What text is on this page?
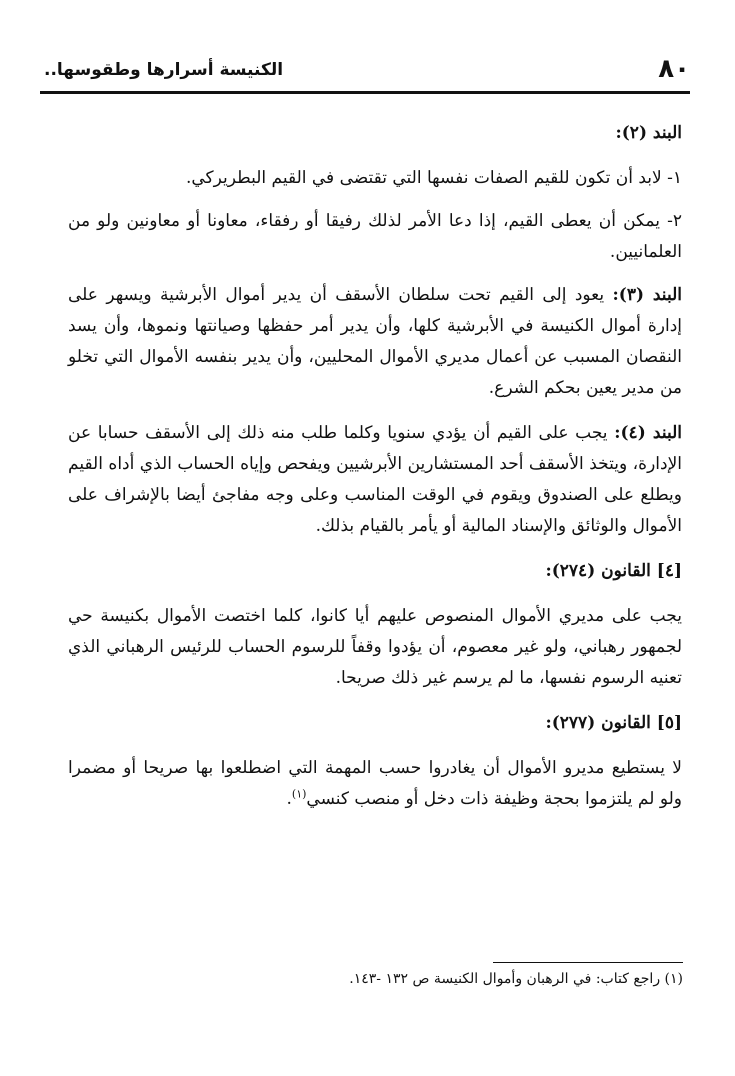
٨٠
الكنيسة أسرارها وطقوسها..
البند (٢):
١- لابد أن تكون للقيم الصفات نفسها التي تقتضى في القيم البطريركي.
٢- يمكن أن يعطى القيم، إذا دعا الأمر لذلك رفيقا أو رفقاء، معاونا أو معاونين ولو من العلمانيين.
البند (٣): يعود إلى القيم تحت سلطان الأسقف أن يدير أموال الأبرشية ويسهر على إدارة أموال الكنيسة في الأبرشية كلها، وأن يدير أمر حفظها وصيانتها ونموها، وأن يسد النقصان المسبب عن أعمال مديري الأموال المحليين، وأن يدير بنفسه الأموال التي تخلو من مدير يعين بحكم الشرع.
البند (٤): يجب على القيم أن يؤدي سنويا وكلما طلب منه ذلك إلى الأسقف حسابا عن الإدارة، ويتخذ الأسقف أحد المستشارين الأبرشيين ويفحص وإياه الحساب الذي أداه القيم ويطلع على الصندوق ويقوم في الوقت المناسب وعلى وجه مفاجئ أيضا بالإشراف على الأموال والوثائق والإسناد المالية أو يأمر بالقيام بذلك.
[٤] القانون (٢٧٤):
يجب على مديري الأموال المنصوص عليهم أيا كانوا، كلما اختصت الأموال بكنيسة حي لجمهور رهباني، ولو غير معصوم، أن يؤدوا وقفاً للرسوم الحساب للرئيس الرهباني الذي تعنيه الرسوم نفسها، ما لم يرسم غير ذلك صريحا.
[٥] القانون (٢٧٧):
لا يستطيع مديرو الأموال أن يغادروا حسب المهمة التي اضطلعوا بها صريحا أو مضمرا ولو لم يلتزموا بحجة وظيفة ذات دخل أو منصب كنسي$^{(١)}$.
(١) راجع كتاب: في الرهبان وأموال الكنيسة ص ١٣٢ -١٤٣.
